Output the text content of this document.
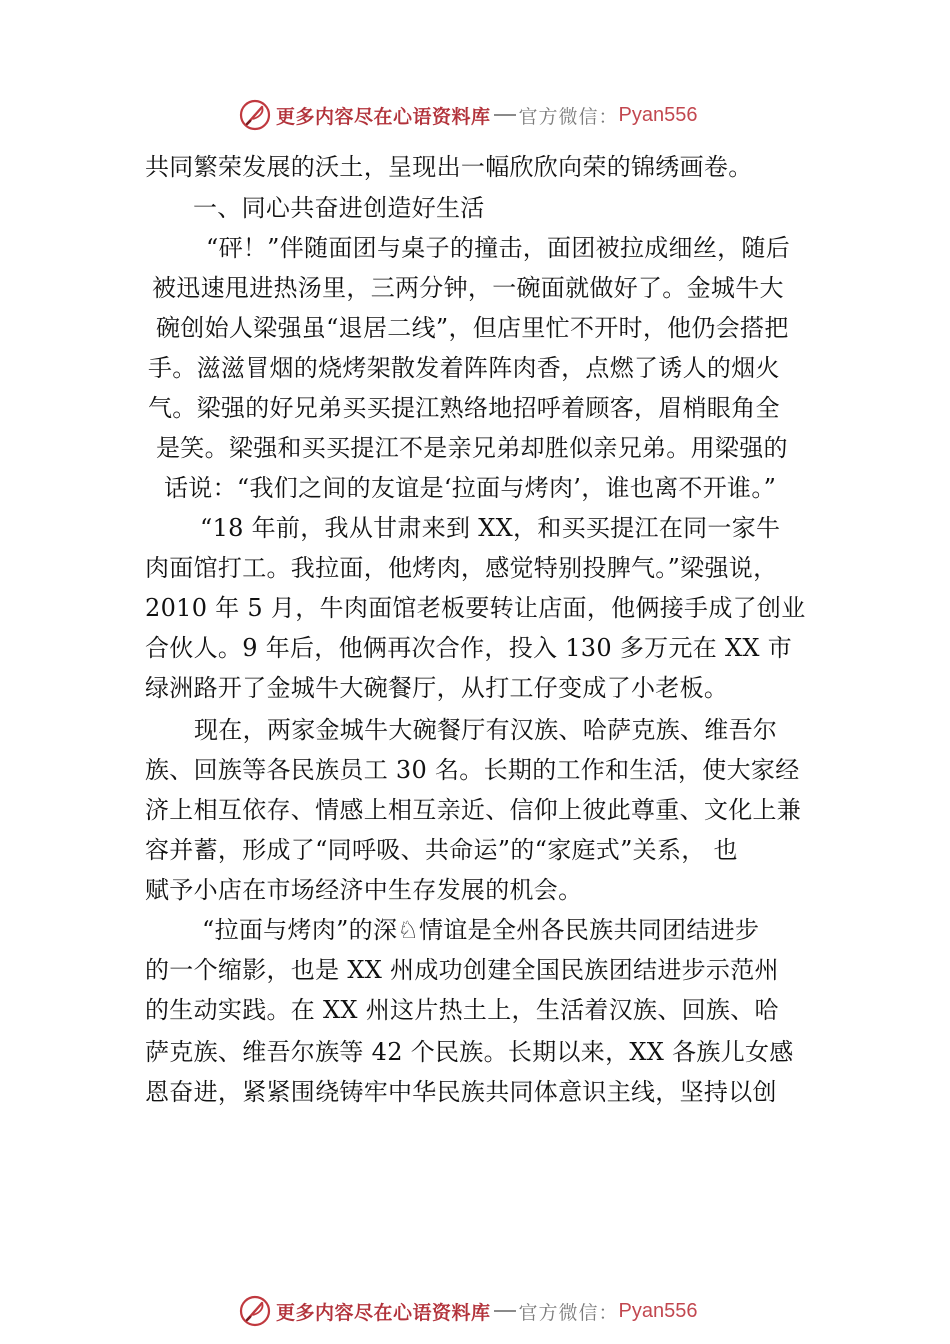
更多内容尽在心语资料库 官方微信： Pyan556

共同繁荣发展的沃土，呈现出一幅欣欣向荣的锦绣画卷。

一、同心共奋进创造好生活

“砰！”伴随面团与桌子的撞击，面团被拉成细丝，随后

被迅速甩进热汤里，三两分钟，一碗面就做好了。金城牛大

碗创始人梁强虽“退居二线”，但店里忙不开时，他仍会搭把

手。滋滋冒烟的烧烤架散发着阵阵肉香，点燃了诱人的烟火

气。梁强的好兄弟买买提江熟络地招呼着顾客，眉梢眼角全

是笑。梁强和买买提江不是亲兄弟却胜似亲兄弟。用梁强的

话说：“我们之间的友谊是‘拉面与烤肉’，谁也离不开谁。”

“18 年前，我从甘肃来到 XX，和买买提江在同一家牛

肉面馆打工。我拉面，他烤肉，感觉特别投脾气。”梁强说，

2010 年 5 月，牛肉面馆老板要转让店面，他俩接手成了创业

合伙人。9 年后，他俩再次合作，投入 130 多万元在 XX 市

绿洲路开了金城牛大碗餐厅，从打工仔变成了小老板。

现在，两家金城牛大碗餐厅有汉族、哈萨克族、维吾尔

族、回族等各民族员工 30 名。长期的工作和生活，使大家经

济上相互依存、情感上相互亲近、信仰上彼此尊重、文化上兼

容并蓄，形成了“同呼吸、共命运”的“家庭式”关系， 也

赋予小店在市场经济中生存发展的机会。

“拉面与烤肉”的深♘情谊是全州各民族共同团结进步

的一个缩影，也是 XX 州成功创建全国民族团结进步示范州

的生动实践。在 XX 州这片热土上，生活着汉族、回族、哈

萨克族、维吾尔族等 42 个民族。长期以来，XX 各族儿女感

恩奋进，紧紧围绕铸牢中华民族共同体意识主线，坚持以创

更多内容尽在心语资料库 官方微信： Pyan556
